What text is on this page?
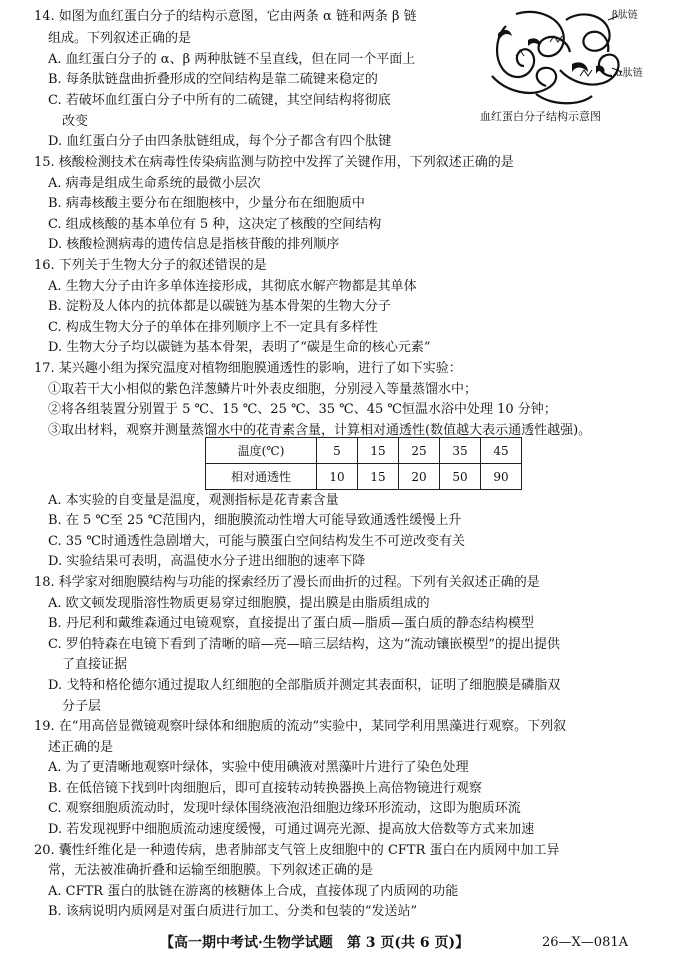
14. 如图为血红蛋白分子的结构示意图，它由两条 α 链和两条 β 链
组成。下列叙述正确的是
A. 血红蛋白分子的 α、β 两种肽链不呈直线，但在同一个平面上
B. 每条肽链盘曲折叠形成的空间结构是靠二硫键来稳定的
C. 若破坏血红蛋白分子中所有的二硫键，其空间结构将彻底
改变
D. 血红蛋白分子由四条肽链组成，每个分子都含有四个肽键
β肽链
α肽链
血红蛋白分子结构示意图
15. 核酸检测技术在病毒性传染病监测与防控中发挥了关键作用，下列叙述正确的是
A. 病毒是组成生命系统的最微小层次
B. 病毒核酸主要分布在细胞核中，少量分布在细胞质中
C. 组成核酸的基本单位有 5 种，这决定了核酸的空间结构
D. 核酸检测病毒的遗传信息是指核苷酸的排列顺序
16. 下列关于生物大分子的叙述错误的是
A. 生物大分子由许多单体连接形成，其彻底水解产物都是其单体
B. 淀粉及人体内的抗体都是以碳链为基本骨架的生物大分子
C. 构成生物大分子的单体在排列顺序上不一定具有多样性
D. 生物大分子均以碳链为基本骨架，表明了“碳是生命的核心元素”
17. 某兴趣小组为探究温度对植物细胞膜通透性的影响，进行了如下实验：
①取若干大小相似的紫色洋葱鳞片叶外表皮细胞，分别浸入等量蒸馏水中；
②将各组装置分别置于 5 ℃、15 ℃、25 ℃、35 ℃、45 ℃恒温水浴中处理 10 分钟；
③取出材料，观察并测量蒸馏水中的花青素含量，计算相对通透性(数值越大表示通透性越强)。
温度(℃)	5	15	25	35	45
相对通透性	10	15	20	50	90
A. 本实验的自变量是温度，观测指标是花青素含量
B. 在 5 ℃至 25 ℃范围内，细胞膜流动性增大可能导致通透性缓慢上升
C. 35 ℃时通透性急剧增大，可能与膜蛋白空间结构发生不可逆改变有关
D. 实验结果可表明，高温使水分子进出细胞的速率下降
18. 科学家对细胞膜结构与功能的探索经历了漫长而曲折的过程。下列有关叙述正确的是
A. 欧文顿发现脂溶性物质更易穿过细胞膜，提出膜是由脂质组成的
B. 丹尼利和戴维森通过电镜观察，直接提出了蛋白质—脂质—蛋白质的静态结构模型
C. 罗伯特森在电镜下看到了清晰的暗—亮—暗三层结构，这为“流动镶嵌模型”的提出提供
了直接证据
D. 戈特和格伦德尔通过提取人红细胞的全部脂质并测定其表面积，证明了细胞膜是磷脂双
分子层
19. 在“用高倍显微镜观察叶绿体和细胞质的流动”实验中，某同学利用黑藻进行观察。下列叙
述正确的是
A. 为了更清晰地观察叶绿体，实验中使用碘液对黑藻叶片进行了染色处理
B. 在低倍镜下找到叶肉细胞后，即可直接转动转换器换上高倍物镜进行观察
C. 观察细胞质流动时，发现叶绿体围绕液泡沿细胞边缘环形流动，这即为胞质环流
D. 若发现视野中细胞质流动速度缓慢，可通过调亮光源、提高放大倍数等方式来加速
20. 囊性纤维化是一种遗传病，患者肺部支气管上皮细胞中的 CFTR 蛋白在内质网中加工异
常，无法被准确折叠和运输至细胞膜。下列叙述正确的是
A. CFTR 蛋白的肽链在游离的核糖体上合成，直接体现了内质网的功能
B. 该病说明内质网是对蛋白质进行加工、分类和包装的“发送站”
【高一期中考试·生物学试题　第 3 页(共 6 页)】	26—X—081A
